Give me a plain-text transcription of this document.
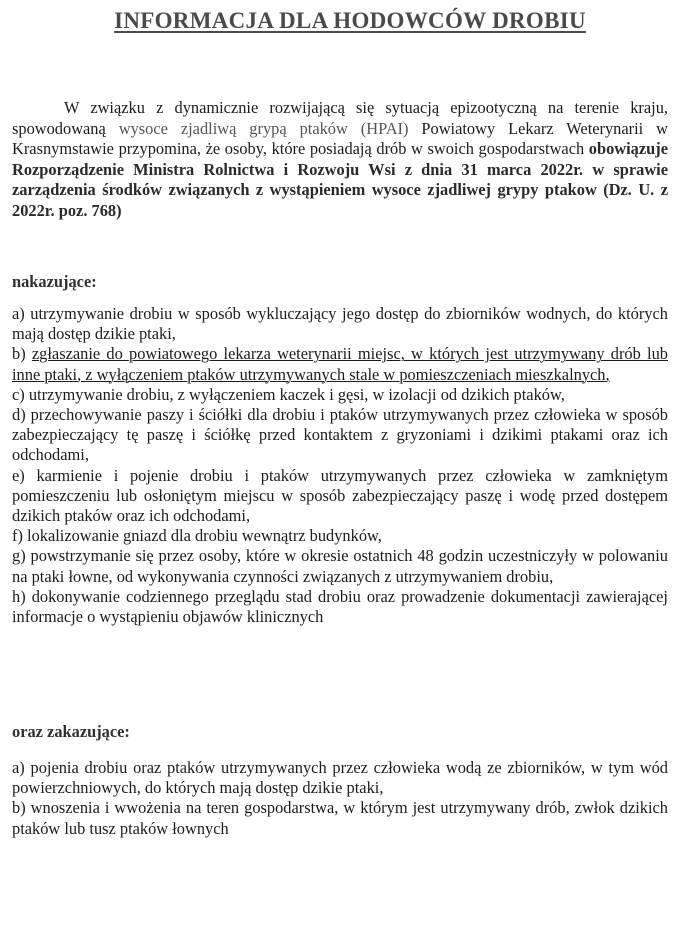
INFORMACJA DLA HODOWCÓW DROBIU
W związku z dynamicznie rozwijającą się sytuacją epizootyczną na terenie kraju, spowodowaną wysoce zjadliwą grypą ptaków (HPAI) Powiatowy Lekarz Weterynarii w Krasnymstawie przypomina, że osoby, które posiadają drób w swoich gospodarstwach obowiązuje Rozporządzenie Ministra Rolnictwa i Rozwoju Wsi z dnia 31 marca 2022r. w sprawie zarządzenia środków związanych z wystąpieniem wysoce zjadliwej grypy ptakow (Dz. U. z 2022r. poz. 768)
nakazujące:

a) utrzymywanie drobiu w sposób wykluczający jego dostęp do zbiorników wodnych, do których mają dostęp dzikie ptaki,

b) zgłaszanie do powiatowego lekarza weterynarii miejsc, w których jest utrzymywany drób lub inne ptaki, z wyłączeniem ptaków utrzymywanych stale w pomieszczeniach mieszkalnych,

c) utrzymywanie drobiu, z wyłączeniem kaczek i gęsi, w izolacji od dzikich ptaków,

d) przechowywanie paszy i ściółki dla drobiu i ptaków utrzymywanych przez człowieka w sposób zabezpieczający tę paszę i ściółkę przed kontaktem z gryzoniami i dzikimi ptakami oraz ich odchodami,

e) karmienie i pojenie drobiu i ptaków utrzymywanych przez człowieka w zamkniętym pomieszczeniu lub osłoniętym miejscu w sposób zabezpieczający paszę i wodę przed dostępem dzikich ptaków oraz ich odchodami,

f) lokalizowanie gniazd dla drobiu wewnątrz budynków,

g) powstrzymanie się przez osoby, które w okresie ostatnich 48 godzin uczestniczyły w polowaniu na ptaki łowne, od wykonywania czynności związanych z utrzymywaniem drobiu,

h) dokonywanie codziennego przeglądu stad drobiu oraz prowadzenie dokumentacji zawierającej informacje o wystąpieniu objawów klinicznych

oraz zakazujące:

a) pojenia drobiu oraz ptaków utrzymywanych przez człowieka wodą ze zbiorników, w tym wód powierzchniowych, do których mają dostęp dzikie ptaki,

b) wnoszenia i wwożenia na teren gospodarstwa, w którym jest utrzymywany drób, zwłok dzikich ptaków lub tusz ptaków łownych
